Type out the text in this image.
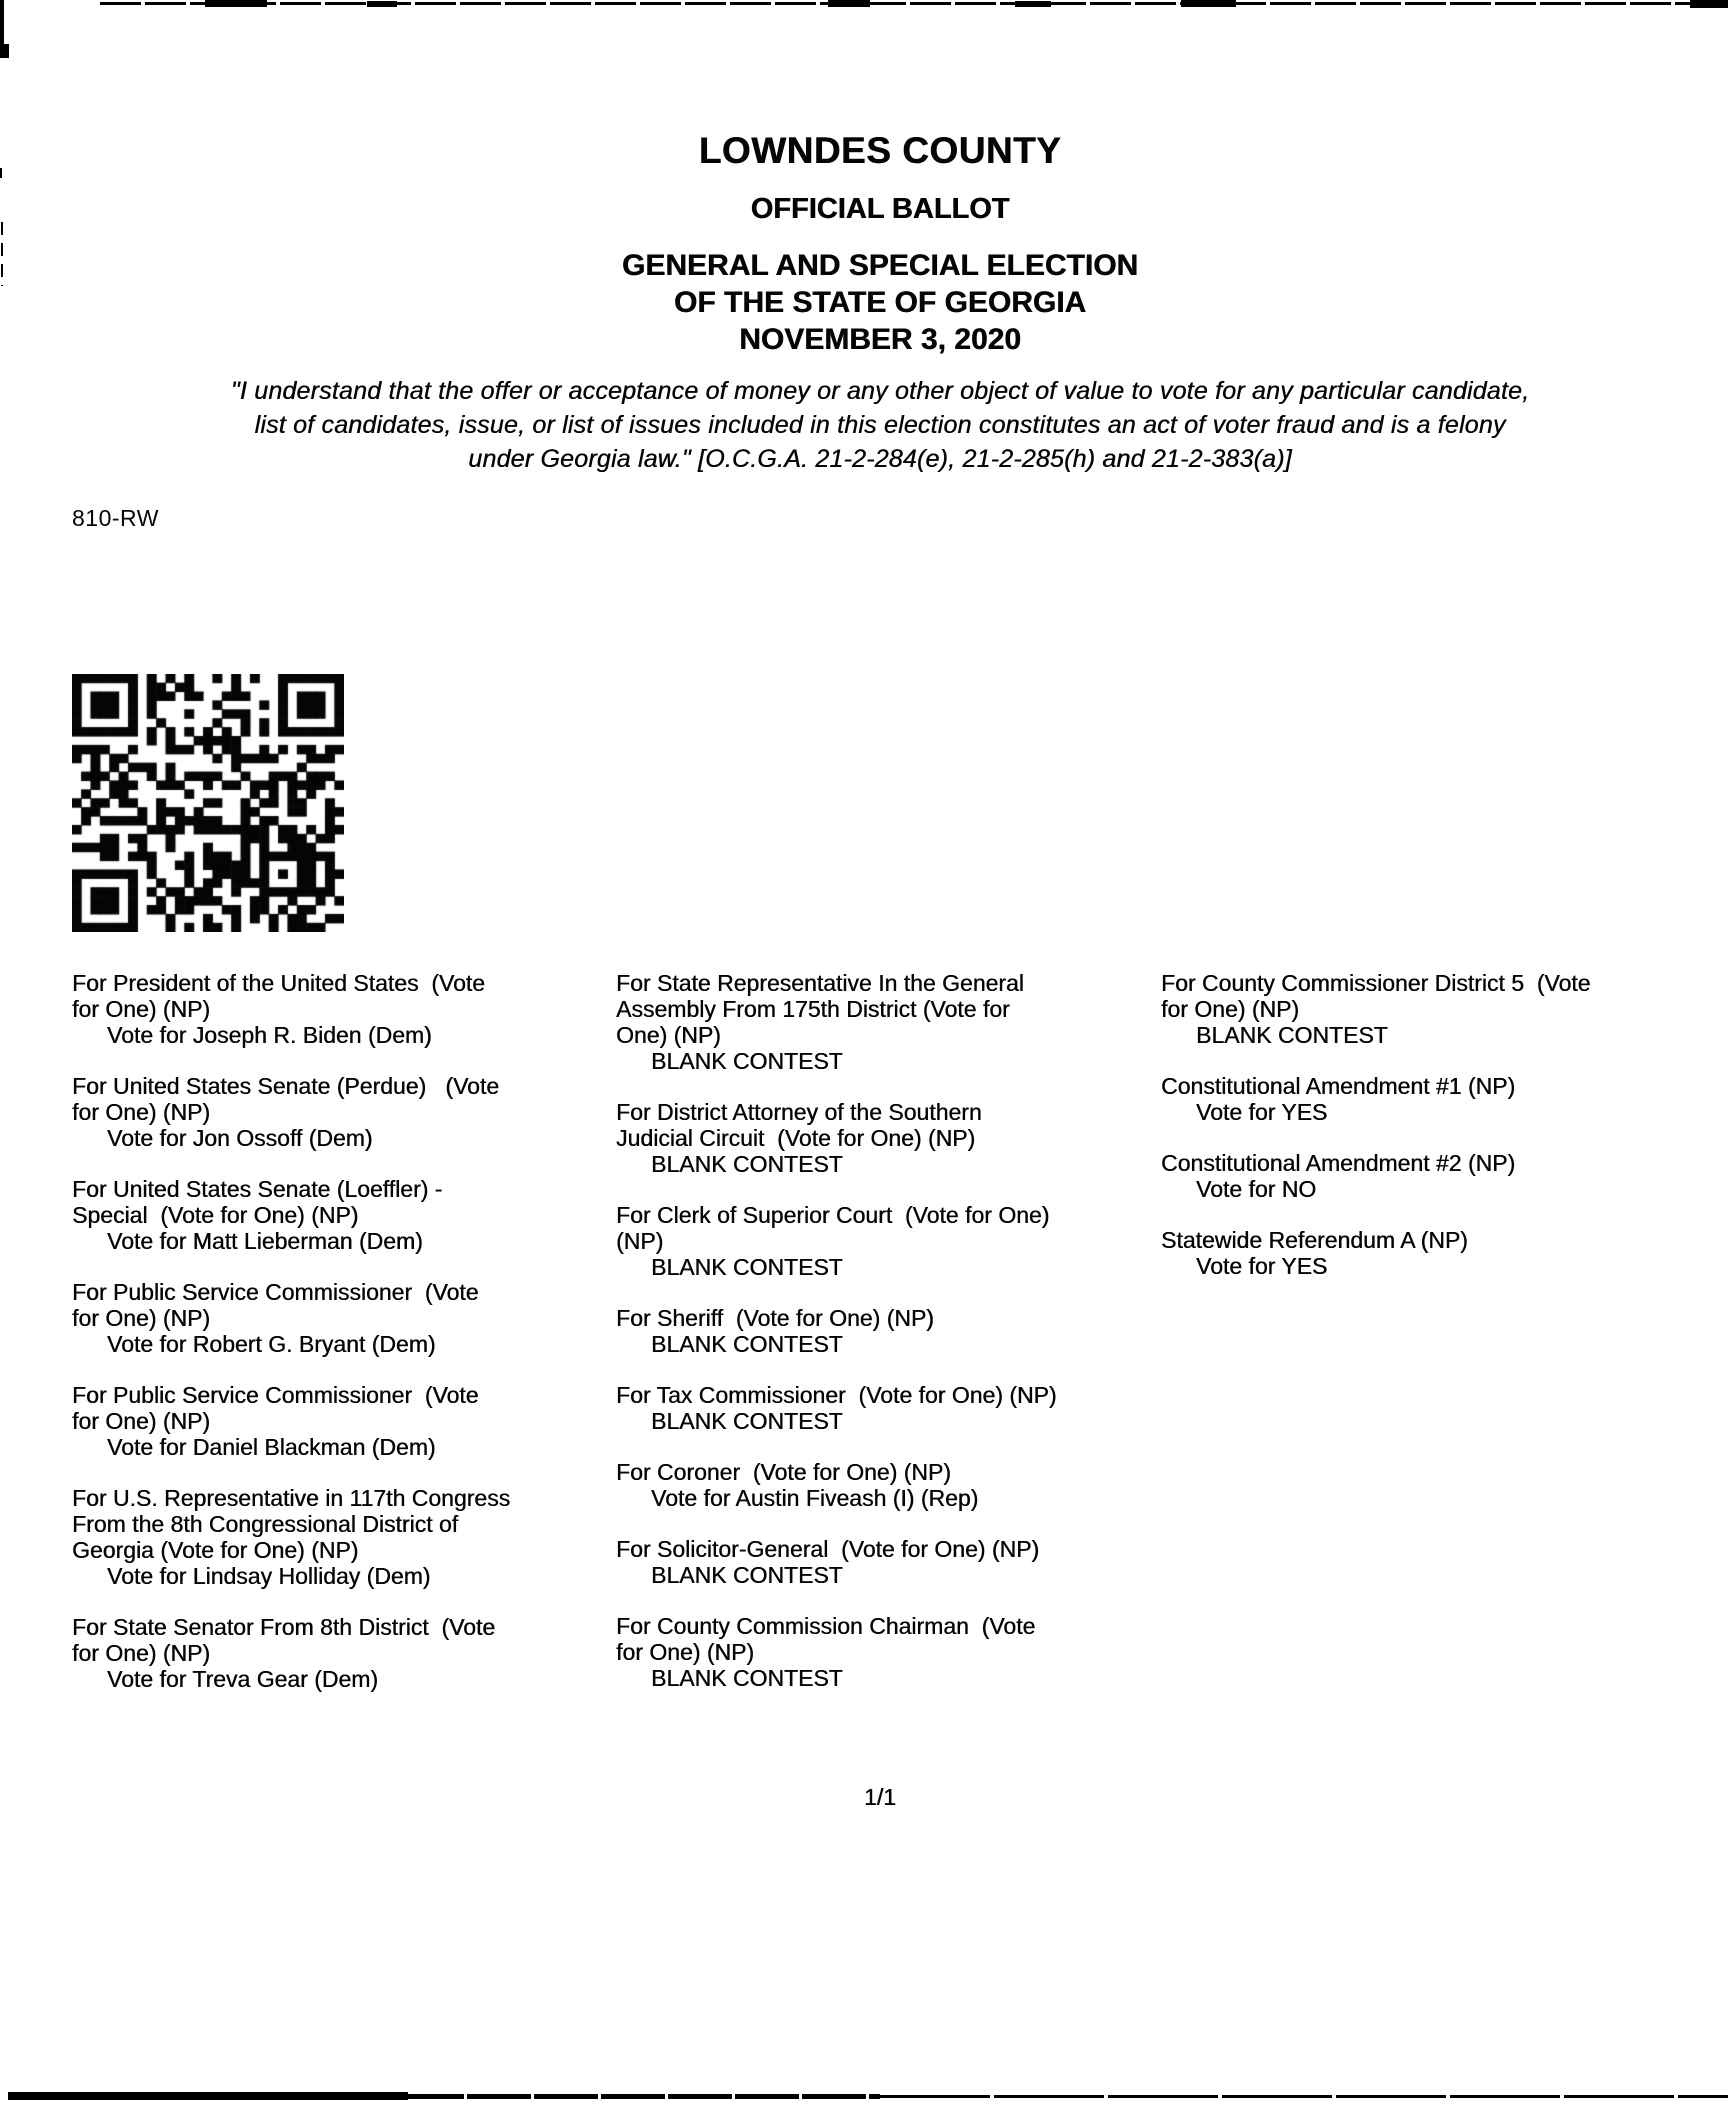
LOWNDES COUNTY
OFFICIAL BALLOT
GENERAL AND SPECIAL ELECTION
OF THE STATE OF GEORGIA
NOVEMBER 3, 2020
"I understand that the offer or acceptance of money or any other object of value to vote for any particular candidate,
list of candidates, issue, or list of issues included in this election constitutes an act of voter fraud and is a felony
under Georgia law." [O.C.G.A. 21-2-284(e), 21-2-285(h) and 21-2-383(a)]
810-RW
For President of the United States  (Vote
for One) (NP)
Vote for Joseph R. Biden (Dem)
For United States Senate (Perdue)   (Vote
for One) (NP)
Vote for Jon Ossoff (Dem)
For United States Senate (Loeffler) -
Special  (Vote for One) (NP)
Vote for Matt Lieberman (Dem)
For Public Service Commissioner  (Vote
for One) (NP)
Vote for Robert G. Bryant (Dem)
For Public Service Commissioner  (Vote
for One) (NP)
Vote for Daniel Blackman (Dem)
For U.S. Representative in 117th Congress
From the 8th Congressional District of
Georgia (Vote for One) (NP)
Vote for Lindsay Holliday (Dem)
For State Senator From 8th District  (Vote
for One) (NP)
Vote for Treva Gear (Dem)
For State Representative In the General
Assembly From 175th District (Vote for
One) (NP)
BLANK CONTEST
For District Attorney of the Southern
Judicial Circuit  (Vote for One) (NP)
BLANK CONTEST
For Clerk of Superior Court  (Vote for One)
(NP)
BLANK CONTEST
For Sheriff  (Vote for One) (NP)
BLANK CONTEST
For Tax Commissioner  (Vote for One) (NP)
BLANK CONTEST
For Coroner  (Vote for One) (NP)
Vote for Austin Fiveash (I) (Rep)
For Solicitor-General  (Vote for One) (NP)
BLANK CONTEST
For County Commission Chairman  (Vote
for One) (NP)
BLANK CONTEST
For County Commissioner District 5  (Vote
for One) (NP)
BLANK CONTEST
Constitutional Amendment #1 (NP)
Vote for YES
Constitutional Amendment #2 (NP)
Vote for NO
Statewide Referendum A (NP)
Vote for YES
1/1
